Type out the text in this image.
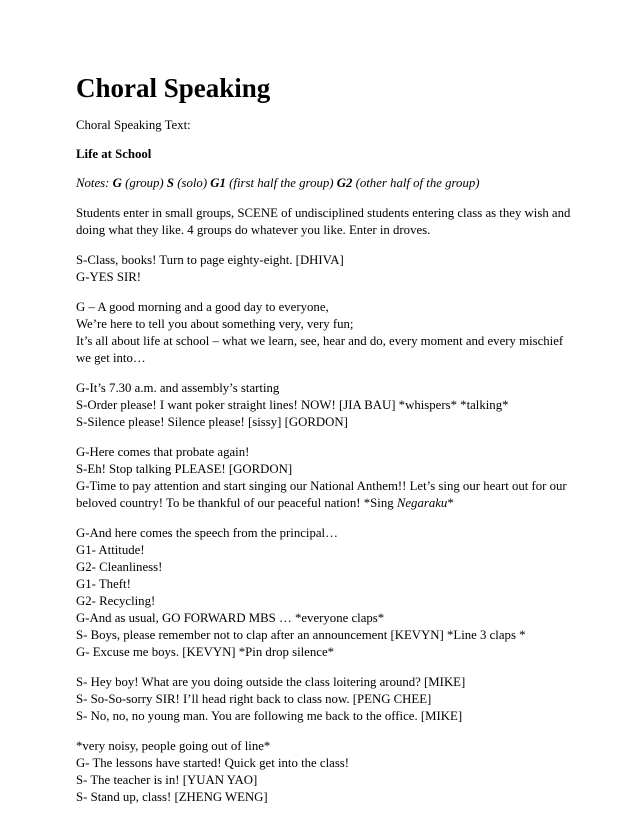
Choral Speaking

Choral Speaking Text:

Life at School

Notes: G (group) S (solo) G1 (first half the group) G2 (other half of the group)

Students enter in small groups, SCENE of undisciplined students entering class as they wish and

doing what they like. 4 groups do whatever you like. Enter in droves.

S-Class, books! Turn to page eighty-eight. [DHIVA]

G-YES SIR!

G – A good morning and a good day to everyone,

We’re here to tell you about something very, very fun;

It’s all about life at school – what we learn, see, hear and do, every moment and every mischief

we get into…

G-It’s 7.30 a.m. and assembly’s starting

S-Order please! I want poker straight lines! NOW! [JIA BAU] *whispers* *talking*

S-Silence please! Silence please! [sissy] [GORDON]

G-Here comes that probate again!

S-Eh! Stop talking PLEASE! [GORDON]

G-Time to pay attention and start singing our National Anthem!! Let’s sing our heart out for our

beloved country! To be thankful of our peaceful nation! *Sing Negaraku*

G-And here comes the speech from the principal…

G1- Attitude!

G2- Cleanliness!

G1- Theft!

G2- Recycling!

G-And as usual, GO FORWARD MBS … *everyone claps*

S- Boys, please remember not to clap after an announcement [KEVYN] *Line 3 claps *

G- Excuse me boys. [KEVYN] *Pin drop silence*

S- Hey boy! What are you doing outside the class loitering around? [MIKE]

S- So-So-sorry SIR! I’ll head right back to class now. [PENG CHEE]

S- No, no, no young man. You are following me back to the office. [MIKE]

*very noisy, people going out of line*

G- The lessons have started! Quick get into the class!

S- The teacher is in! [YUAN YAO]

S- Stand up, class! [ZHENG WENG]
